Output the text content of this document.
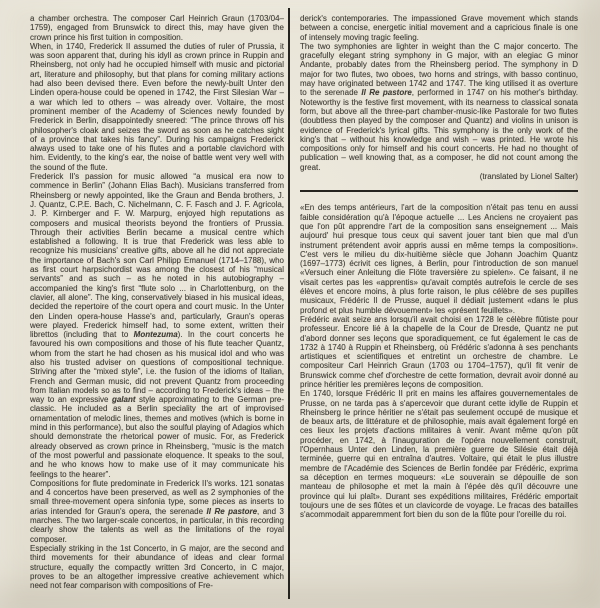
a chamber orchestra. The composer Carl Heinrich Graun (1703/04–1759), engaged from Brunswick to direct this, may have given the crown prince his first tuition in composition.

When, in 1740, Frederick II assumed the duties of ruler of Prussia, it was soon apparent that, during his idyll as crown prince in Ruppin and Rheinsberg, not only had he occupied himself with music and pictorial art, literature and philosophy, but that plans for coming military actions had also been devised there. Even before the newly-built Unter den Linden opera-house could be opened in 1742, the First Silesian War – a war which led to others – was already over. Voltaire, the most prominent member of the Academy of Sciences newly founded by Frederick in Berlin, disappointedly sneered: “The prince throws off his philosopher's cloak and seizes the sword as soon as he catches sight of a province that takes his fancy”. During his campaigns Frederick always used to take one of his flutes and a portable clavichord with him. Evidently, to the king's ear, the noise of battle went very well with the sound of the flute.

Frederick II's passion for music allowed “a musical era now to commence in Berlin” (Johann Elias Bach). Musicians transferred from Rheinsberg or newly appointed, like the Graun and Benda brothers, J. J. Quantz, C.P.E. Bach, C. Nichelmann, C. F. Fasch and J. F. Agricola, J. P. Kirnberger and F. W. Marpurg, enjoyed high reputations as composers and musical theorists beyond the frontiers of Prussia. Through their activities Berlin became a musical centre which established a following. It is true that Frederick was less able to recognize his musicians' creative gifts, above all he did not appreciate the importance of Bach's son Carl Philipp Emanuel (1714–1788), who as first court harpsichordist was among the closest of his “musical servants” and as such – as he noted in his autobiography – accompanied the king's first “flute solo ... in Charlottenburg, on the clavier, all alone”. The king, conservatively biased in his musical ideas, decided the repertoire of the court opera and court music. In the Unter den Linden opera-house Hasse's and, particularly, Graun's operas were played. Frederick himself had, to some extent, written their librettos (including that to Montezuma). In the court concerts he favoured his own compositions and those of his flute teacher Quantz, whom from the start he had chosen as his musical idol and who was also his trusted adviser on questions of compositional technique. Striving after the “mixed style”, i.e. the fusion of the idioms of Italian, French and German music, did not prevent Quantz from proceeding from Italian models so as to find – according to Frederick's ideas – the way to an expressive galant style approximating to the German pre-classic. He included as a Berlin speciality the art of improvised ornamentation of melodic lines, themes and motives (which is borne in mind in this performance), but also the soulful playing of Adagios which should demonstrate the rhetorical power of music. For, as Frederick already observed as crown prince in Rheinsberg, “music is the match of the most powerful and passionate eloquence. It speaks to the soul, and he who knows how to make use of it may communicate his feelings to the hearer”.

Compositions for flute predominate in Frederick II's works. 121 sonatas and 4 concertos have been preserved, as well as 2 symphonies of the small three-movement opera sinfonia type, some pieces as inserts to arias intended for Graun's opera, the serenade Il Re pastore, and 3 marches. The two larger-scale concertos, in particular, in this recording clearly show the talents as well as the limitations of the royal composer.

Especially striking in the 1st Concerto, in G major, are the second and third movements for their abundance of ideas and clear formal structure, equally the compactly written 3rd Concerto, in C major, proves to be an altogether impressive creative achievement which need not fear comparison with compositions of Fre-

derick's contemporaries. The impassioned Grave movement which stands between a concise, energetic initial movement and a capricious finale is one of intensely moving tragic feeling.

The two symphonies are lighter in weight than the C major concerto. The gracefully elegant string symphony in G major, with an elegiac G minor Andante, probably dates from the Rheinsberg period. The symphony in D major for two flutes, two oboes, two horns and strings, with basso continuo, may have originated between 1742 and 1747. The king utilised it as overture to the serenade Il Re pastore, performed in 1747 on his mother's birthday. Noteworthy is the festive first movement, with its nearness to classical sonata form, but above all the three-part chamber-music-like Pastorale for two flutes (doubtless then played by the composer and Quantz) and violins in unison is evidence of Frederick's lyrical gifts. This symphony is the only work of the king's that – without his knowledge and wish – was printed. He wrote his compositions only for himself and his court concerts. He had no thought of publication – well knowing that, as a composer, he did not count among the great.

(translated by Lionel Salter)

«En des temps antérieurs, l'art de la composition n'était pas tenu en aussi faible considération qu'à l'époque actuelle ... Les Anciens ne croyaient pas que l'on pût apprendre l'art de la composition sans enseignement ... Mais aujourd' hui presque tous ceux qui savent jouer tant bien que mal d'un instrument prétendent avoir appris aussi en même temps la composition». C'est vers le milieu du dix-huitième siècle que Johann Joachim Quantz (1697–1773) écrivit ces lignes, à Berlin, pour l'introduction de son manuel «Versuch einer Anleitung die Flöte traversière zu spielen». Ce faisant, il ne visait certes pas les «apprentis» qu'avait comptés autrefois le cercle de ses élèves et encore moins, à plus forte raison, le plus célèbre de ses pupilles musicaux, Frédéric II de Prusse, auquel il dédiait justement «dans le plus profond et plus humble dévouement» les «présent feuillets».

Frédéric avait seize ans lorsqu'il avait choisi en 1728 le célèbre flûtiste pour professeur. Encore lié à la chapelle de la Cour de Dresde, Quantz ne put d'abord donner ses leçons que sporadiquement, ce fut également le cas de 1732 à 1740 à Ruppin et Rheinsberg, où Frédéric s'adonna à ses penchants artistiques et scientifiques et entretint un orchestre de chambre. Le compositeur Carl Heinrich Graun (1703 ou 1704–1757), qu'il fit venir de Brunswick comme chef d'orchestre de cette formation, devrait avoir donné au prince héritier les premières leçons de composition.

En 1740, lorsque Frédéric II prit en mains les affaires gouvernementales de Prusse, on ne tarda pas à s'apercevoir que durant cette idylle de Ruppin et Rheinsberg le prince héritier ne s'était pas seulement occupé de musique et de beaux arts, de littérature et de philosophie, mais avait également forgé en ces lieux les projets d'actions militaires à venir. Avant même qu'on pût procéder, en 1742, à l'inauguration de l'opéra nouvellement construit, l'Opernhaus Unter den Linden, la première guerre de Silésie était déjà terminée, guerre qui en entraîna d'autres. Voltaire, qui était le plus illustre membre de l'Académie des Sciences de Berlin fondée par Frédéric, exprima sa déception en termes moqueurs: «Le souverain se dépouille de son manteau de philosophe et met la main à l'épée dès qu'il découvre une province qui lui plaît». Durant ses expéditions militaires, Frédéric emportait toujours une de ses flûtes et un clavicorde de voyage. Le fracas des batailles s'acommodait apparemment fort bien du son de la flûte pour l'oreille du roi.
